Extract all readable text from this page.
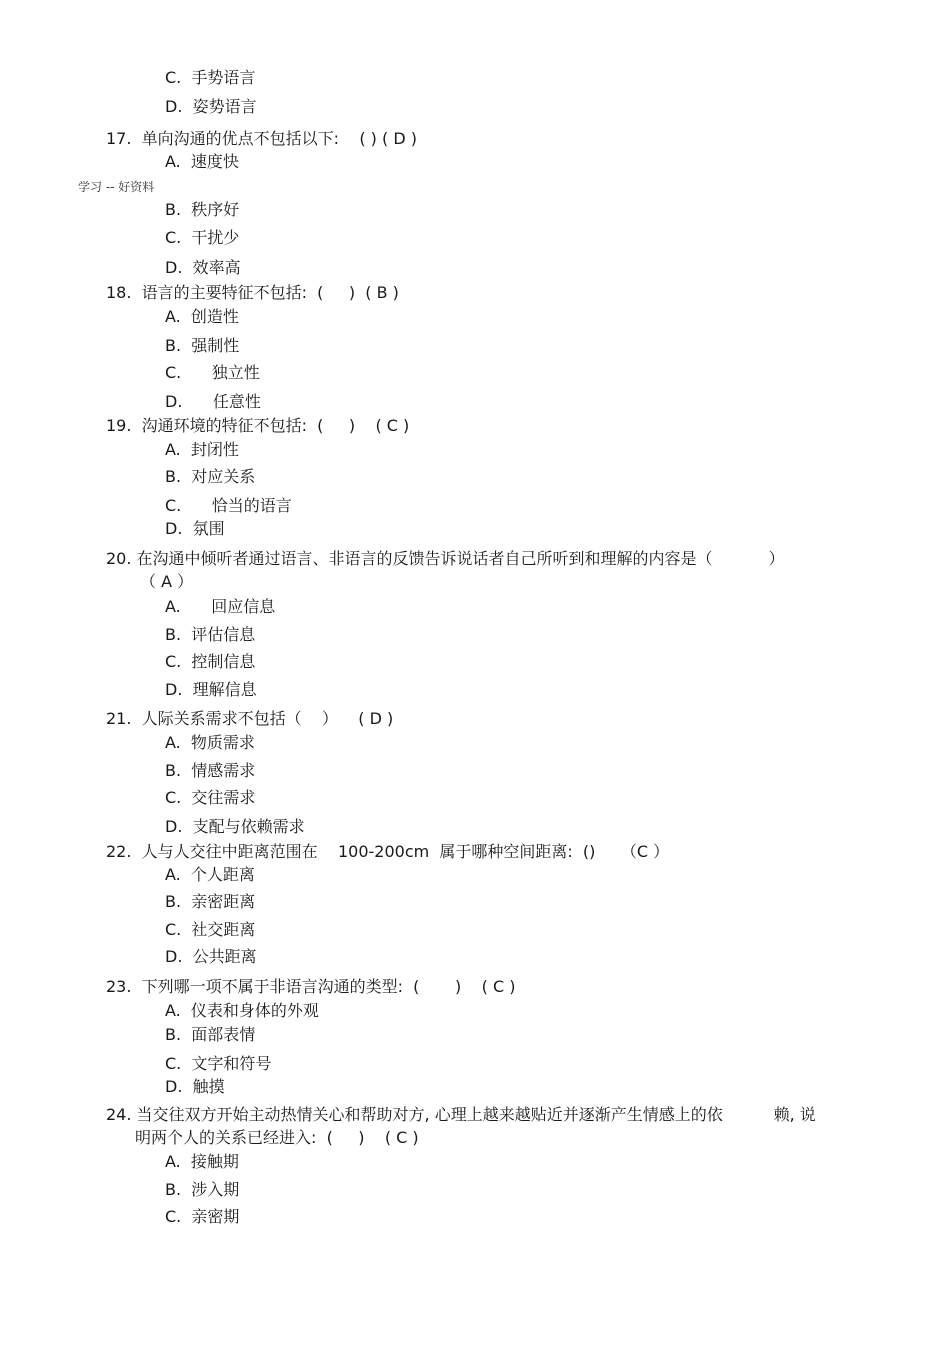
C.  手势语言
D.  姿势语言
17.  单向沟通的优点不包括以下:    ( ) ( D )
A.  速度快
学习 -- 好资料
B.  秩序好
C.  干扰少
D.  效率高
18.  语言的主要特征不包括:  (     )  ( B )
A.  创造性
B.  强制性
C.      独立性
D.      任意性
19.  沟通环境的特征不包括:  (     )    ( C )
A.  封闭性
B.  对应关系
C.      恰当的语言
D.  氛围
20. 在沟通中倾听者通过语言、非语言的反馈告诉说话者自己所听到和理解的内容是（           ）
（ A ）
A.      回应信息
B.  评估信息
C.  控制信息
D.  理解信息
21.  人际关系需求不包括（    ）    ( D )
A.  物质需求
B.  情感需求
C.  交往需求
D.  支配与依赖需求
22.  人与人交往中距离范围在    100-200cm  属于哪种空间距离:  ()     （C ）
A.  个人距离
B.  亲密距离
C.  社交距离
D.  公共距离
23.  下列哪一项不属于非语言沟通的类型:  (       )    ( C )
A.  仪表和身体的外观
B.  面部表情
C.  文字和符号
D.  触摸
24. 当交往双方开始主动热情关心和帮助对方, 心理上越来越贴近并逐渐产生情感上的依          赖, 说
明两个人的关系已经进入:  (     )    ( C )
A.  接触期
B.  涉入期
C.  亲密期
